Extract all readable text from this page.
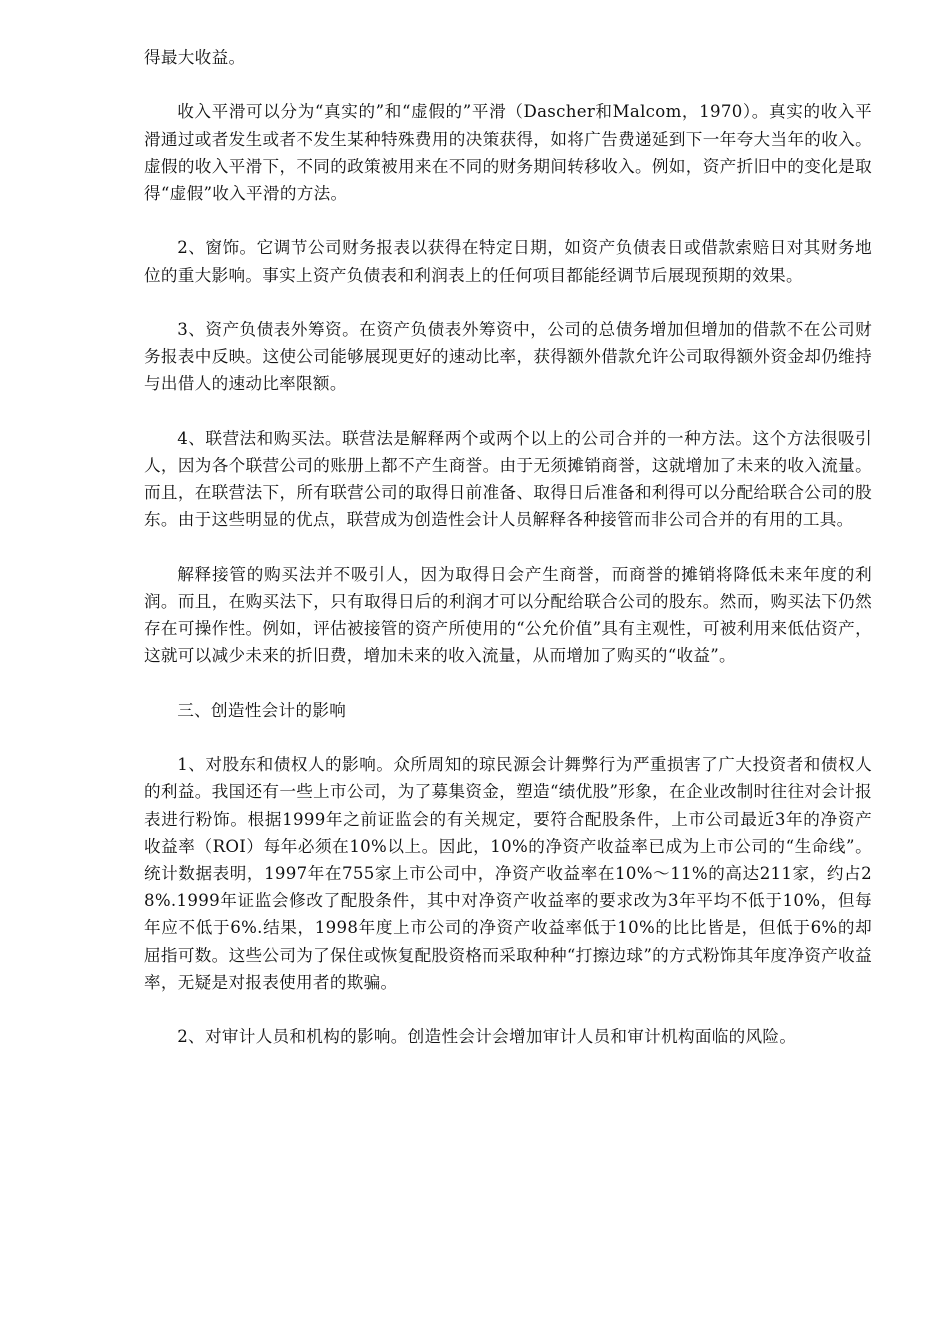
得最大收益。

收入平滑可以分为“真实的”和“虚假的”平滑（Dascher和Malcom，1970）。真实的收入平滑通过或者发生或者不发生某种特殊费用的决策获得，如将广告费递延到下一年夸大当年的收入。虚假的收入平滑下，不同的政策被用来在不同的财务期间转移收入。例如，资产折旧中的变化是取得“虚假”收入平滑的方法。

2、窗饰。它调节公司财务报表以获得在特定日期，如资产负债表日或借款索赔日对其财务地位的重大影响。事实上资产负债表和利润表上的任何项目都能经调节后展现预期的效果。

3、资产负债表外筹资。在资产负债表外筹资中，公司的总债务增加但增加的借款不在公司财务报表中反映。这使公司能够展现更好的速动比率，获得额外借款允许公司取得额外资金却仍维持与出借人的速动比率限额。

4、联营法和购买法。联营法是解释两个或两个以上的公司合并的一种方法。这个方法很吸引人，因为各个联营公司的账册上都不产生商誉。由于无须摊销商誉，这就增加了未来的收入流量。而且，在联营法下，所有联营公司的取得日前准备、取得日后准备和利得可以分配给联合公司的股东。由于这些明显的优点，联营成为创造性会计人员解释各种接管而非公司合并的有用的工具。

解释接管的购买法并不吸引人，因为取得日会产生商誉，而商誉的摊销将降低未来年度的利润。而且，在购买法下，只有取得日后的利润才可以分配给联合公司的股东。然而，购买法下仍然存在可操作性。例如，评估被接管的资产所使用的“公允价值”具有主观性，可被利用来低估资产，这就可以减少未来的折旧费，增加未来的收入流量，从而增加了购买的“收益”。

三、创造性会计的影响

1、对股东和债权人的影响。众所周知的琼民源会计舞弊行为严重损害了广大投资者和债权人的利益。我国还有一些上市公司，为了募集资金，塑造“绩优股”形象，在企业改制时往往对会计报表进行粉饰。根据1999年之前证监会的有关规定，要符合配股条件，上市公司最近3年的净资产收益率（ROI）每年必须在10%以上。因此，10%的净资产收益率已成为上市公司的“生命线”。统计数据表明，1997年在755家上市公司中，净资产收益率在10%～11%的高达211家，约占28%.1999年证监会修改了配股条件，其中对净资产收益率的要求改为3年平均不低于10%，但每年应不低于6%.结果，1998年度上市公司的净资产收益率低于10%的比比皆是，但低于6%的却屈指可数。这些公司为了保住或恢复配股资格而采取种种“打擦边球”的方式粉饰其年度净资产收益率，无疑是对报表使用者的欺骗。

2、对审计人员和机构的影响。创造性会计会增加审计人员和审计机构面临的风险。
